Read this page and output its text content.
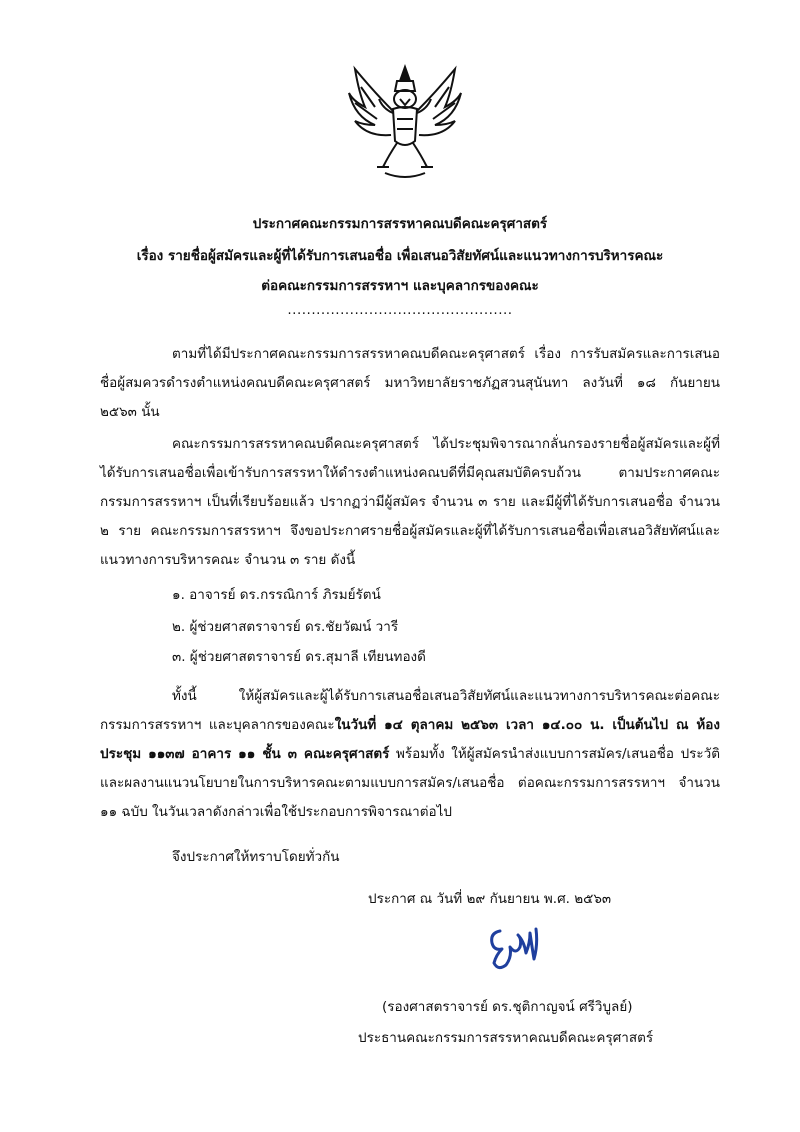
ประกาศคณะกรรมการสรรหาคณบดีคณะครุศาสตร์
เรื่อง รายชื่อผู้สมัครและผู้ที่ได้รับการเสนอชื่อ เพื่อเสนอวิสัยทัศน์และแนวทางการบริหารคณะ
ต่อคณะกรรมการสรรหาฯ และบุคลากรของคณะ
...............................................
ตามที่ได้มีประกาศคณะกรรมการสรรหาคณบดีคณะครุศาสตร์ เรื่อง การรับสมัครและการเสนอชื่อผู้สมควรดำรงตำแหน่งคณบดีคณะครุศาสตร์ มหาวิทยาลัยราชภัฏสวนสุนันทา ลงวันที่ ๑๘ กันยายน ๒๕๖๓ นั้น
คณะกรรมการสรรหาคณบดีคณะครุศาสตร์ ได้ประชุมพิจารณากลั่นกรองรายชื่อผู้สมัครและผู้ที่ได้รับการเสนอชื่อเพื่อเข้ารับการสรรหาให้ดำรงตำแหน่งคณบดีที่มีคุณสมบัติครบถ้วน ตามประกาศคณะกรรมการสรรหาฯ เป็นที่เรียบร้อยแล้ว ปรากฏว่ามีผู้สมัคร จำนวน ๓ ราย และมีผู้ที่ได้รับการเสนอชื่อ จำนวน ๒ ราย คณะกรรมการสรรหาฯ จึงขอประกาศรายชื่อผู้สมัครและผู้ที่ได้รับการเสนอชื่อเพื่อเสนอวิสัยทัศน์และแนวทางการบริหารคณะ จำนวน ๓ ราย ดังนี้
๑. อาจารย์ ดร.กรรณิการ์ ภิรมย์รัตน์
๒. ผู้ช่วยศาสตราจารย์ ดร.ชัยวัฒน์ วารี
๓. ผู้ช่วยศาสตราจารย์ ดร.สุมาลี เทียนทองดี
ทั้งนี้ ให้ผู้สมัครและผู้ได้รับการเสนอชื่อเสนอวิสัยทัศน์และแนวทางการบริหารคณะต่อคณะกรรมการสรรหาฯ และบุคลากรของคณะในวันที่ ๑๔ ตุลาคม ๒๕๖๓ เวลา ๑๔.๐๐ น. เป็นต้นไป ณ ห้องประชุม ๑๑๓๗ อาคาร ๑๑ ชั้น ๓ คณะครุศาสตร์ พร้อมทั้ง ให้ผู้สมัครนำส่งแบบการสมัคร/เสนอชื่อ ประวัติ และผลงานแนวนโยบายในการบริหารคณะตามแบบการสมัคร/เสนอชื่อ ต่อคณะกรรมการสรรหาฯ จำนวน ๑๑ ฉบับ ในวันเวลาดังกล่าวเพื่อใช้ประกอบการพิจารณาต่อไป
จึงประกาศให้ทราบโดยทั่วกัน
ประกาศ ณ วันที่ ๒๙ กันยายน พ.ศ. ๒๕๖๓
(รองศาสตราจารย์ ดร.ชุติกาญจน์ ศรีวิบูลย์)
ประธานคณะกรรมการสรรหาคณบดีคณะครุศาสตร์
